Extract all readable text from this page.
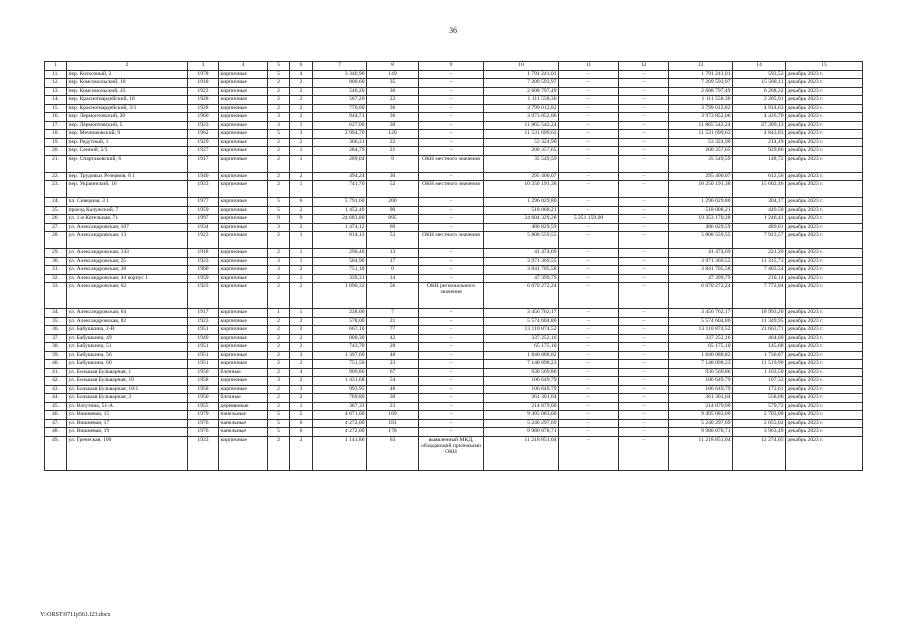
36
1	2	3	4	5	6	7	8	9	10	11	12	13	14	15
11.	пер. Колхозный, 2	1978	кирпичные	5	4	3 340,90	149	–	1 791 241,01	–	–	1 791 241,01	593,52	декабрь 2023 г.
12.	пер. Комсомольский, 18	1918	кирпичные	2	2	800,60	35	–	7 209 593,97	–	–	7 209 593,97	15 568,11	декабрь 2023 г.
13.	пер. Комсомольский, 43	1923	кирпичные	2	2	546,20	36	–	2 608 797,49	–	–	2 608 797,49	6 208,32	декабрь 2023 г.
14.	пер. Красногвардейский, 18	1928	кирпичные	2	2	587,20	22	–	1 111 558,36	–	–	1 111 558,36	2 205,91	декабрь 2023 г.
15.	пер. Красногвардейский, 3/1	1928	кирпичные	2	2	770,00	36	–	3 799 012,82	–	–	3 799 012,82	4 914,63	декабрь 2023 г.
16.	пер. Лермонтовский, 20	1960	кирпичные	3	2	944,71	36	–	3 973 852,06	–	–	3 973 852,06	4 426,70	декабрь 2023 г.
17.	пер. Лермонтовский, 5	1923	кирпичные	3	1	627,00	30	–	11 865 542,24	–	–	11 865 542,24	27 309,13	декабрь 2023 г.
18.	пер. Мечниковский, 9	1962	кирпичные	5	3	2 994,70	120	–	11 531 699,63	–	–	11 531 699,63	4 843,83	декабрь 2023 г.
19.	пер. Редутный, 1	1929	кирпичные	2	2	366,31	22	–	53 324,90	–	–	53 324,90	214,49	декабрь 2023 г.
20.	пер. Сенной, 2/3	1927	кирпичные	2	1	284,79	21	–	200 357,65	–	–	200 357,65	929,86	декабрь 2023 г.
21.	пер. Спартаковский, 6	1917	кирпичные	2	1	289,04	9	ОКН местного значения	35 549,59	–	–	35 549,59	148,72	декабрь 2023 г.
22.	пер. Трудовых Резервов, 8 1	1940	кирпичные	2	2	494,24	30	–	295 400,07	–	–	295 400,07	612,56	декабрь 2023 г.
23.	пер. Украинский, 16	1923	кирпичные	2	1	741,70	52	ОКН местного значения	10 250 191,38	–	–	10 250 191,38	15 602,46	декабрь 2023 г.
24.	пл. Северная, 3 1	1977	кирпичные	5	6	5 791,60	200	–	1 296 029,80	–	–	1 296 029,80	304,17	декабрь 2023 г.
25.	проезд Калужский, 7	1959	кирпичные	5	2	1 452,40	90	–	518 068,21	–	–	518 008,21	449,50	декабрь 2023 г.
26.	ул. 1-я Котельная, 71	1997	кирпичные	9	9	24 683,80	895	–	24 604 329,28	5 251 159,00	–	19 353 170,28	1 246,41	декабрь 2023 г.
27.	ул. Александровская, 107	1934	кирпичные	3	2	1 474,12	69	–	486 829,59	–	–	486 829,59	489,01	декабрь 2023 г.
28.	ул. Александровская, 13	1923	кирпичные	2	1	814,13	53	ОКН местного значения	5 808 559,55	–	–	5 808 559,55	7 913,57	декабрь 2023 г.
29.	ул. Александровская, 143	1918	кирпичные	2	1	290,40	13	–	41 474,69	–	–	41 474,69	221,20	декабрь 2023 г.
30.	ул. Александровская, 25	1923	кирпичные	3	1	584,90	17	–	3 971 369,55	–	–	3 971 369,55	11 315,73	декабрь 2023 г.
31.	ул. Александровская, 38	1960	кирпичные	3	2	751,18	0	–	3 841 705,58	–	–	3 841 705,58	7 463,54	декабрь 2023 г.
32.	ул. Александровская, 44 корпус 1	1959	кирпичные	2	1	339,31	14	–	47 399,79	–	–	47 399,79	210,14	декабрь 2023 г.
33.	ул. Александровская, 62	1923	кирпичные	2	2	1 090,32	56	ОКН регионального значения	6 070 272,24	–	–	6 070 272,24	7 772,04	декабрь 2023 г.
34.	ул. Александровская, 64	1917	кирпичные	1	1	238,00	7	–	3 456 762,17	–	–	3 456 762,17	18 993,20	декабрь 2023 г.
35.	ул. Александровская, 82	1923	кирпичные	2	2	578,00	21	–	5 574 604,86	–	–	5 574 604,86	11 349,95	декабрь 2023 г.
36.	ул. Бабушкина, 2-В	1951	кирпичные	2	2	667,10	77	–	13 110 874,52	–	–	13 110 874,52	21 663,71	декабрь 2023 г.
37.	ул. Бабушкина, 49	1949	кирпичные	2	2	800,30	42	–	337 252,16	–	–	337 252,16	464,60	декабрь 2023 г.
38.	ул. Бабушкина, 51	1951	кирпичные	2	2	743,70	28	–	65 175,10	–	–	65 175,10	145,68	декабрь 2023 г.
39.	ул. Бабушкина, 56	1951	кирпичные	2	3	1 397,60	48	–	1 840 088,82	–	–	1 840 088,82	1 730,87	декабрь 2023 г.
40.	ул. Бабушкина, 60	1951	кирпичные	2	2	751,50	23	–	7 148 098,23	–	–	7 148 098,23	11 519,90	декабрь 2023 г.
41.	ул. Большая Бульварная, 1	1950	блочные	2	4	909,80	67	–	930 569,86	–	–	930 569,86	1 163,50	декабрь 2023 г.
42.	ул. Большая Бульварная, 10	1958	кирпичные	3	2	1 431,68	54	–	106 649,79	–	–	106 649,79	107,32	декабрь 2023 г.
43.	ул. Большая Бульварная, 10/1	1958	кирпичные	2	3	993,95	48	–	106 649,79	–	–	106 649,79	172,61	декабрь 2023 г.
44.	ул. Большая Бульварная, 3	1950	блочные	2	2	789,80	30	–	361 301,64	–	–	361 301,64	558,06	декабрь 2023 г.
45.	ул. Ватутина, 51-А	1955	деревянные	2	1	387,33	23	–	214 879,00	–	–	214 879,00	579,72	декабрь 2023 г.
46.	ул. Вишневая, 15	1979	панельные	5	5	4 671,00	169	–	9 495 083,00	–	–	9 495 083,00	2 703,00	декабрь 2023 г.
47.	ул. Вишневая, 17	1976	панельные	5	6	4 272,00	181	–	5 240 297,69	–	–	5 240 297,69	2 055,02	декабрь 2023 г.
48.	ул. Вишневая, 19	1976	панельные	5	6	4 272,00	178	–	9 980 078,71	–	–	9 980 078,71	3 963,49	декабрь 2023 г.
49.	ул. Греческая, 100	1923	кирпичные	2	2	1 141,86	63	выявленный МКД, обладающий признаками ОКН	11 218 851,04	–	–	11 218 851,04	12 274,05	декабрь 2023 г.
Y:\ORST\0711p561.f23.docx
